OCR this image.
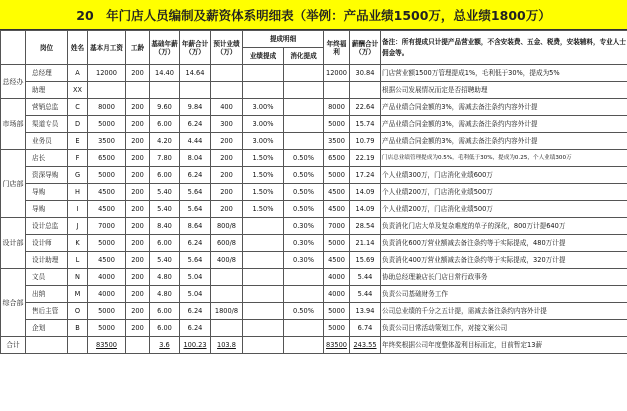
20　年门店人员编制及薪资体系明细表（举例：产品业绩1500万，总业绩1800万）
	岗位	姓名	基本月工资	工龄	基础年薪（万）	年薪合计（万）	预计业绩（万）	提成明细		年终福利	薪酬合计（万）	备注：所有提成只计提产品营业额，不含安装费、五金、税费，安装辅料，专业人士佣金等。
								业绩提成	消化提成			
总经办	总经理	A	12000	200	14.40	14.64				12000	30.84	门店营业额1500万管理提成1%，毛利低于30%，提成为5%
	助理	XX										根据公司发展情况而定是否招聘助理
市场部	营销总监	C	8000	200	9.60	9.84	400	3.00%		8000	22.64	产品业绩合同金额的3%，需减去备注条约内容外计提
	渠道专员	D	5000	200	6.00	6.24	300	3.00%		5000	15.74	产品业绩合同金额的3%，需减去备注条约内容外计提
	业务员	E	3500	200	4.20	4.44	200	3.00%		3500	10.79	产品业绩合同金额的3%，需减去备注条约内容外计提
门店部	店长	F	6500	200	7.80	8.04	200	1.50%	0.50%	6500	22.19	门店总业绩管理提成为0.5%，毛利低于30%，提成为0.25，个人业绩300万
	资深导购	G	5000	200	6.00	6.24	200	1.50%	0.50%	5000	17.24	个人业绩300万，门店消化业绩600万
	导购	H	4500	200	5.40	5.64	200	1.50%	0.50%	4500	14.09	个人业绩200万，门店消化业绩500万
	导购	I	4500	200	5.40	5.64	200	1.50%	0.50%	4500	14.09	个人业绩200万，门店消化业绩500万
设计部	设计总监	J	7000	200	8.40	8.64	800/8		0.30%	7000	28.54	负责消化门店大单及复杂难度的单子的深化，800万计提640万
	设计师	K	5000	200	6.00	6.24	600/8		0.30%	5000	21.14	负责消化600万营业额减去备注条约等于实际提成，480万计提
	设计助理	L	4500	200	5.40	5.64	400/8		0.30%	4500	15.69	负责消化400万营业额减去备注条约等于实际提成，320万计提
综合部	文员	N	4000	200	4.80	5.04				4000	5.44	协助总经理兼店长门店日常行政事务
	出纳	M	4000	200	4.80	5.04				4000	5.44	负责公司基础财务工作
	售后主管	O	5000	200	6.00	6.24	1800/8		0.50%	5000	13.94	公司总业绩的千分之五计提，需减去备注条约内容外计提
	企划	B	5000	200	6.00	6.24				5000	6.74	负责公司日常活动策划工作，对接文案公司
合计			83500		3.6	100.23	103.8			83500	243.55	年终奖根据公司年度整体盈利目标而定，目前暂定13薪
